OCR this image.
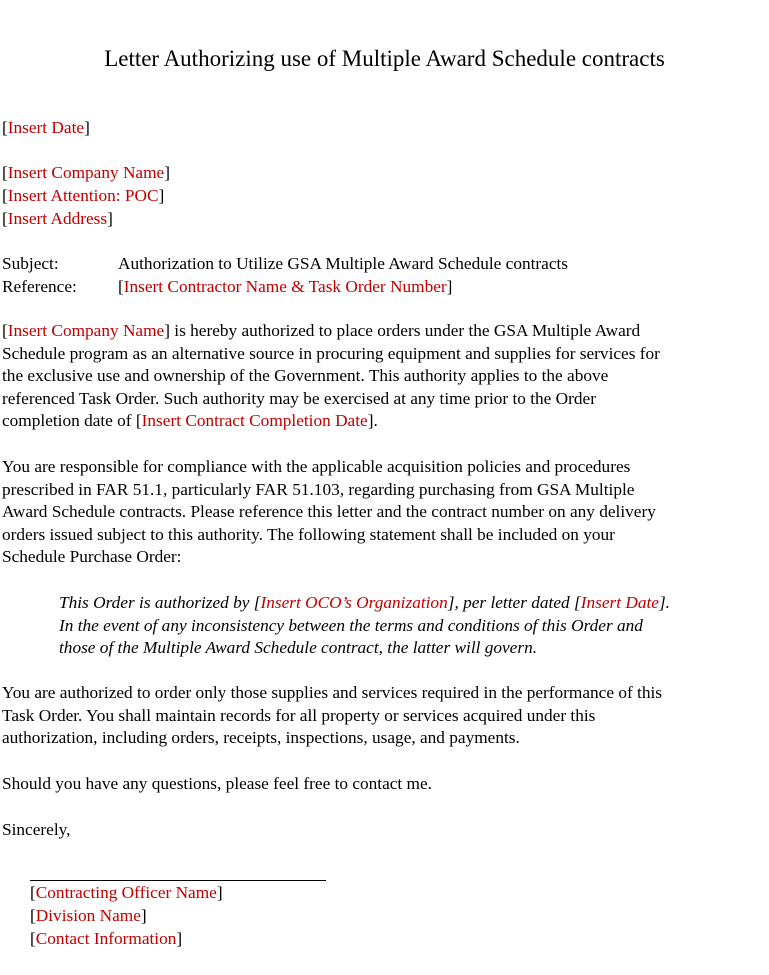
Letter Authorizing use of Multiple Award Schedule contracts
[Insert Date]
[Insert Company Name]
[Insert Attention: POC]
[Insert Address]
Subject:	Authorization to Utilize GSA Multiple Award Schedule contracts
Reference: [Insert Contractor Name & Task Order Number]

[Insert Company Name] is hereby authorized to place orders under the GSA Multiple Award

Schedule program as an alternative source in procuring equipment and supplies for services for

the exclusive use and ownership of the Government. This authority applies to the above

referenced Task Order. Such authority may be exercised at any time prior to the Order

completion date of [Insert Contract Completion Date].

You are responsible for compliance with the applicable acquisition policies and procedures

prescribed in FAR 51.1, particularly FAR 51.103, regarding purchasing from GSA Multiple

Award Schedule contracts. Please reference this letter and the contract number on any delivery

orders issued subject to this authority. The following statement shall be included on your

Schedule Purchase Order:

This Order is authorized by [Insert OCO’s Organization], per letter dated [Insert Date].

In the event of any inconsistency between the terms and conditions of this Order and

those of the Multiple Award Schedule contract, the latter will govern.

You are authorized to order only those supplies and services required in the performance of this

Task Order. You shall maintain records for all property or services acquired under this

authorization, including orders, receipts, inspections, usage, and payments.

Should you have any questions, please feel free to contact me.
Sincerely,
[Contracting Officer Name]
[Division Name]
[Contact Information]
